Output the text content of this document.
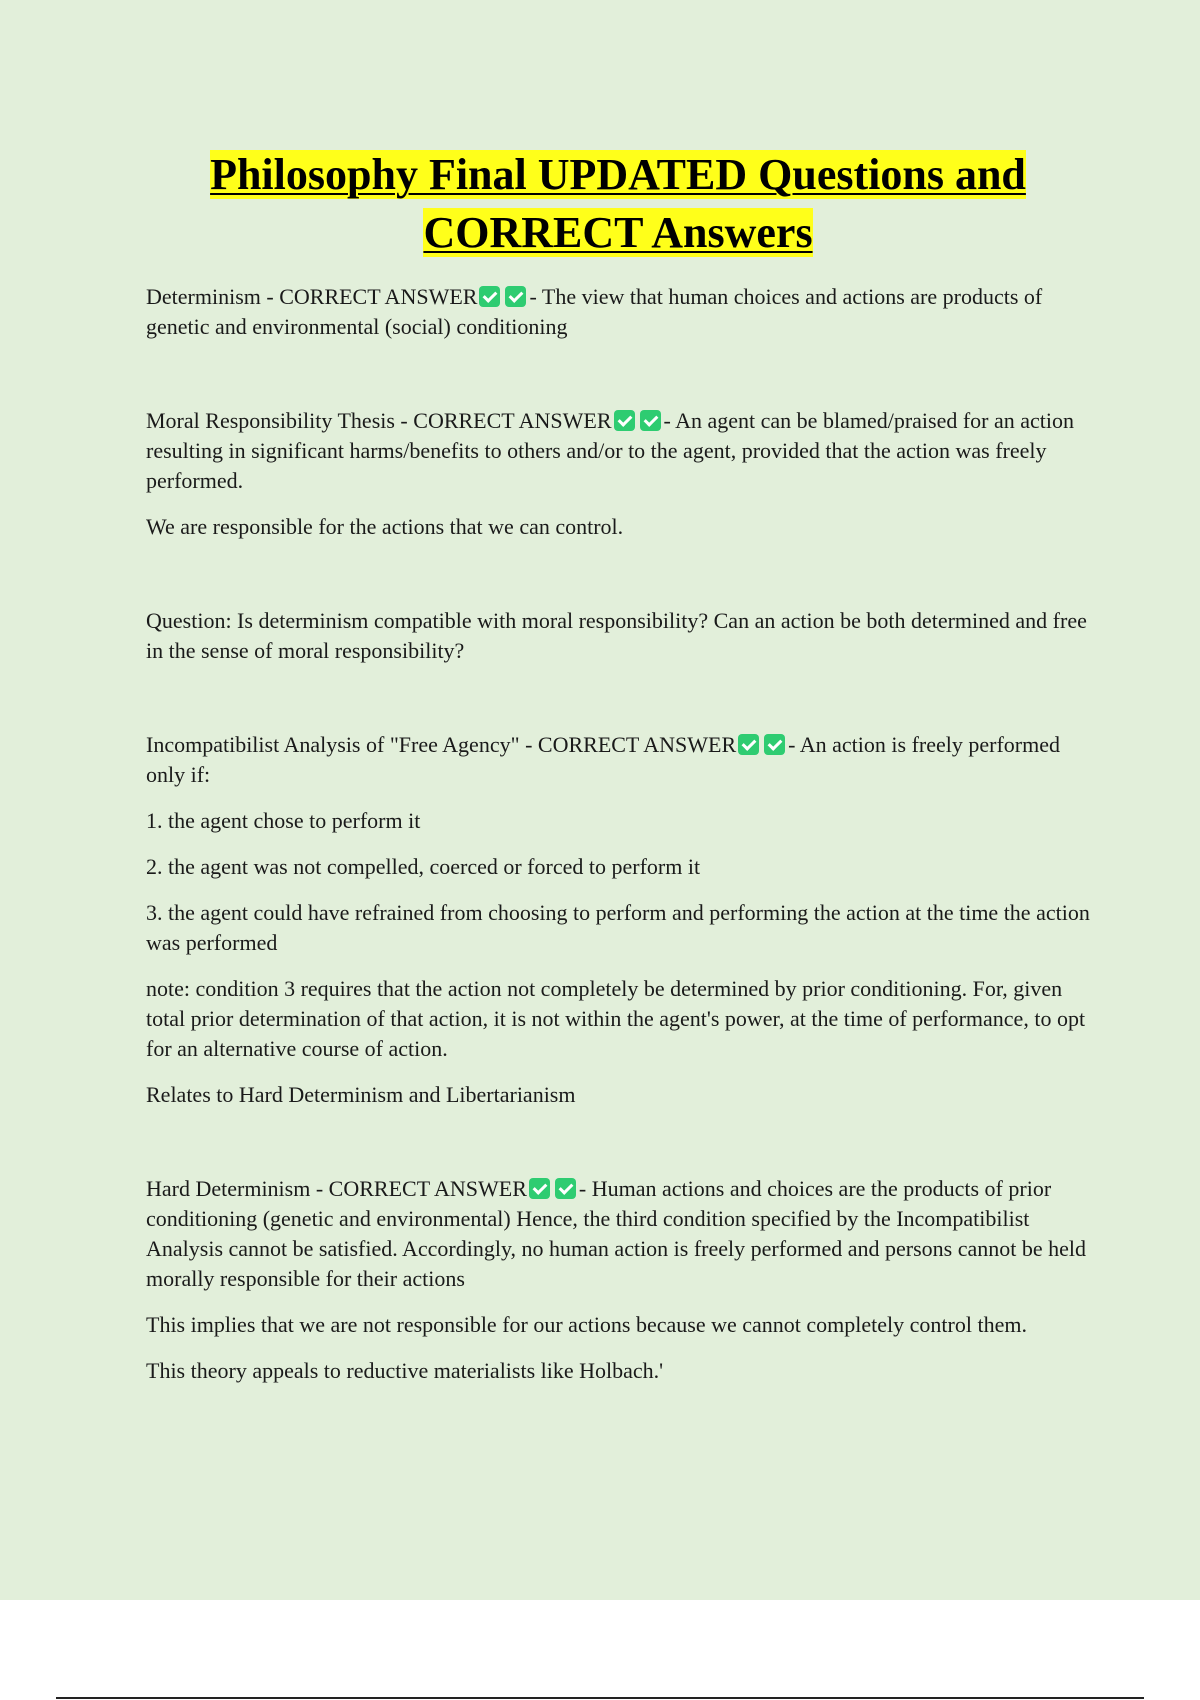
Philosophy Final UPDATED Questions and
CORRECT Answers

Determinism - CORRECT ANSWER - The view that human choices and actions are products of genetic and environmental (social) conditioning

Moral Responsibility Thesis - CORRECT ANSWER - An agent can be blamed/praised for an action resulting in significant harms/benefits to others and/or to the agent, provided that the action was freely performed.

We are responsible for the actions that we can control.

Question: Is determinism compatible with moral responsibility? Can an action be both determined and free in the sense of moral responsibility?

Incompatibilist Analysis of "Free Agency" - CORRECT ANSWER - An action is freely performed only if:

1. the agent chose to perform it

2. the agent was not compelled, coerced or forced to perform it

3. the agent could have refrained from choosing to perform and performing the action at the time the action was performed

note: condition 3 requires that the action not completely be determined by prior conditioning. For, given total prior determination of that action, it is not within the agent's power, at the time of performance, to opt for an alternative course of action.

Relates to Hard Determinism and Libertarianism

Hard Determinism - CORRECT ANSWER - Human actions and choices are the products of prior conditioning (genetic and environmental) Hence, the third condition specified by the Incompatibilist Analysis cannot be satisfied. Accordingly, no human action is freely performed and persons cannot be held morally responsible for their actions

This implies that we are not responsible for our actions because we cannot completely control them.

This theory appeals to reductive materialists like Holbach.'
